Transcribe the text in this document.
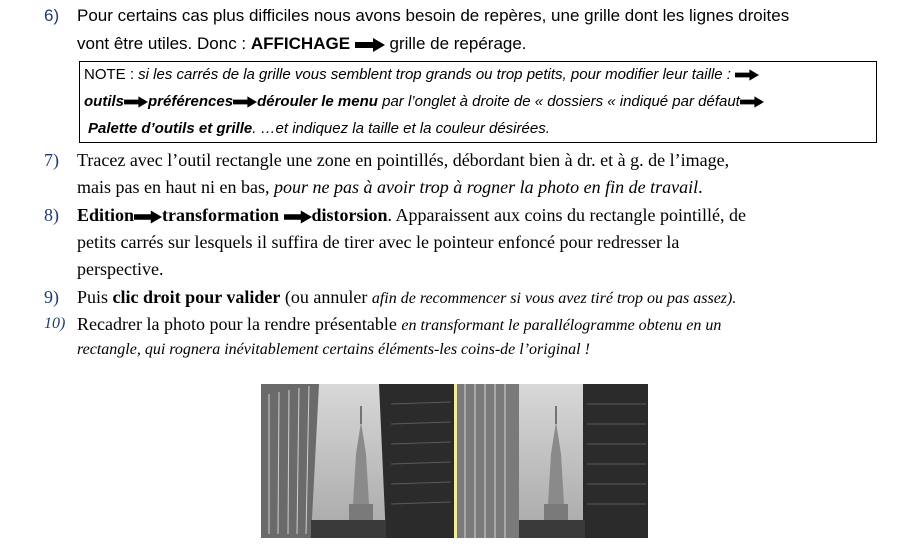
6) Pour certains cas plus difficiles nous avons besoin de repères, une grille dont les lignes droites
vont être utiles. Donc : AFFICHAGE  grille de repérage.
NOTE : si les carrés de la grille vous semblent trop grands ou trop petits, pour modifier leur taille :
outils préférences dérouler le menu par l’onglet à droite de « dossiers « indiqué par défaut
Palette d’outils et grille. …et indiquez la taille et la couleur désirées.
7) Tracez avec l’outil rectangle une zone en pointillés, débordant bien à dr. et à g. de l’image,
mais pas en haut ni en bas, pour ne pas à avoir trop à rogner la photo en fin de travail.
8) Edition transformation distorsion. Apparaissent aux coins du rectangle pointillé, de
petits carrés sur lesquels il suffira de tirer avec le pointeur enfoncé pour redresser la
perspective.
9) Puis clic droit pour valider (ou annuler afin de recommencer si vous avez tiré trop ou pas assez).
10) Recadrer la photo pour la rendre présentable en transformant le parallélogramme obtenu en un
rectangle, qui rognera inévitablement certains éléments-les coins-de l’original !
